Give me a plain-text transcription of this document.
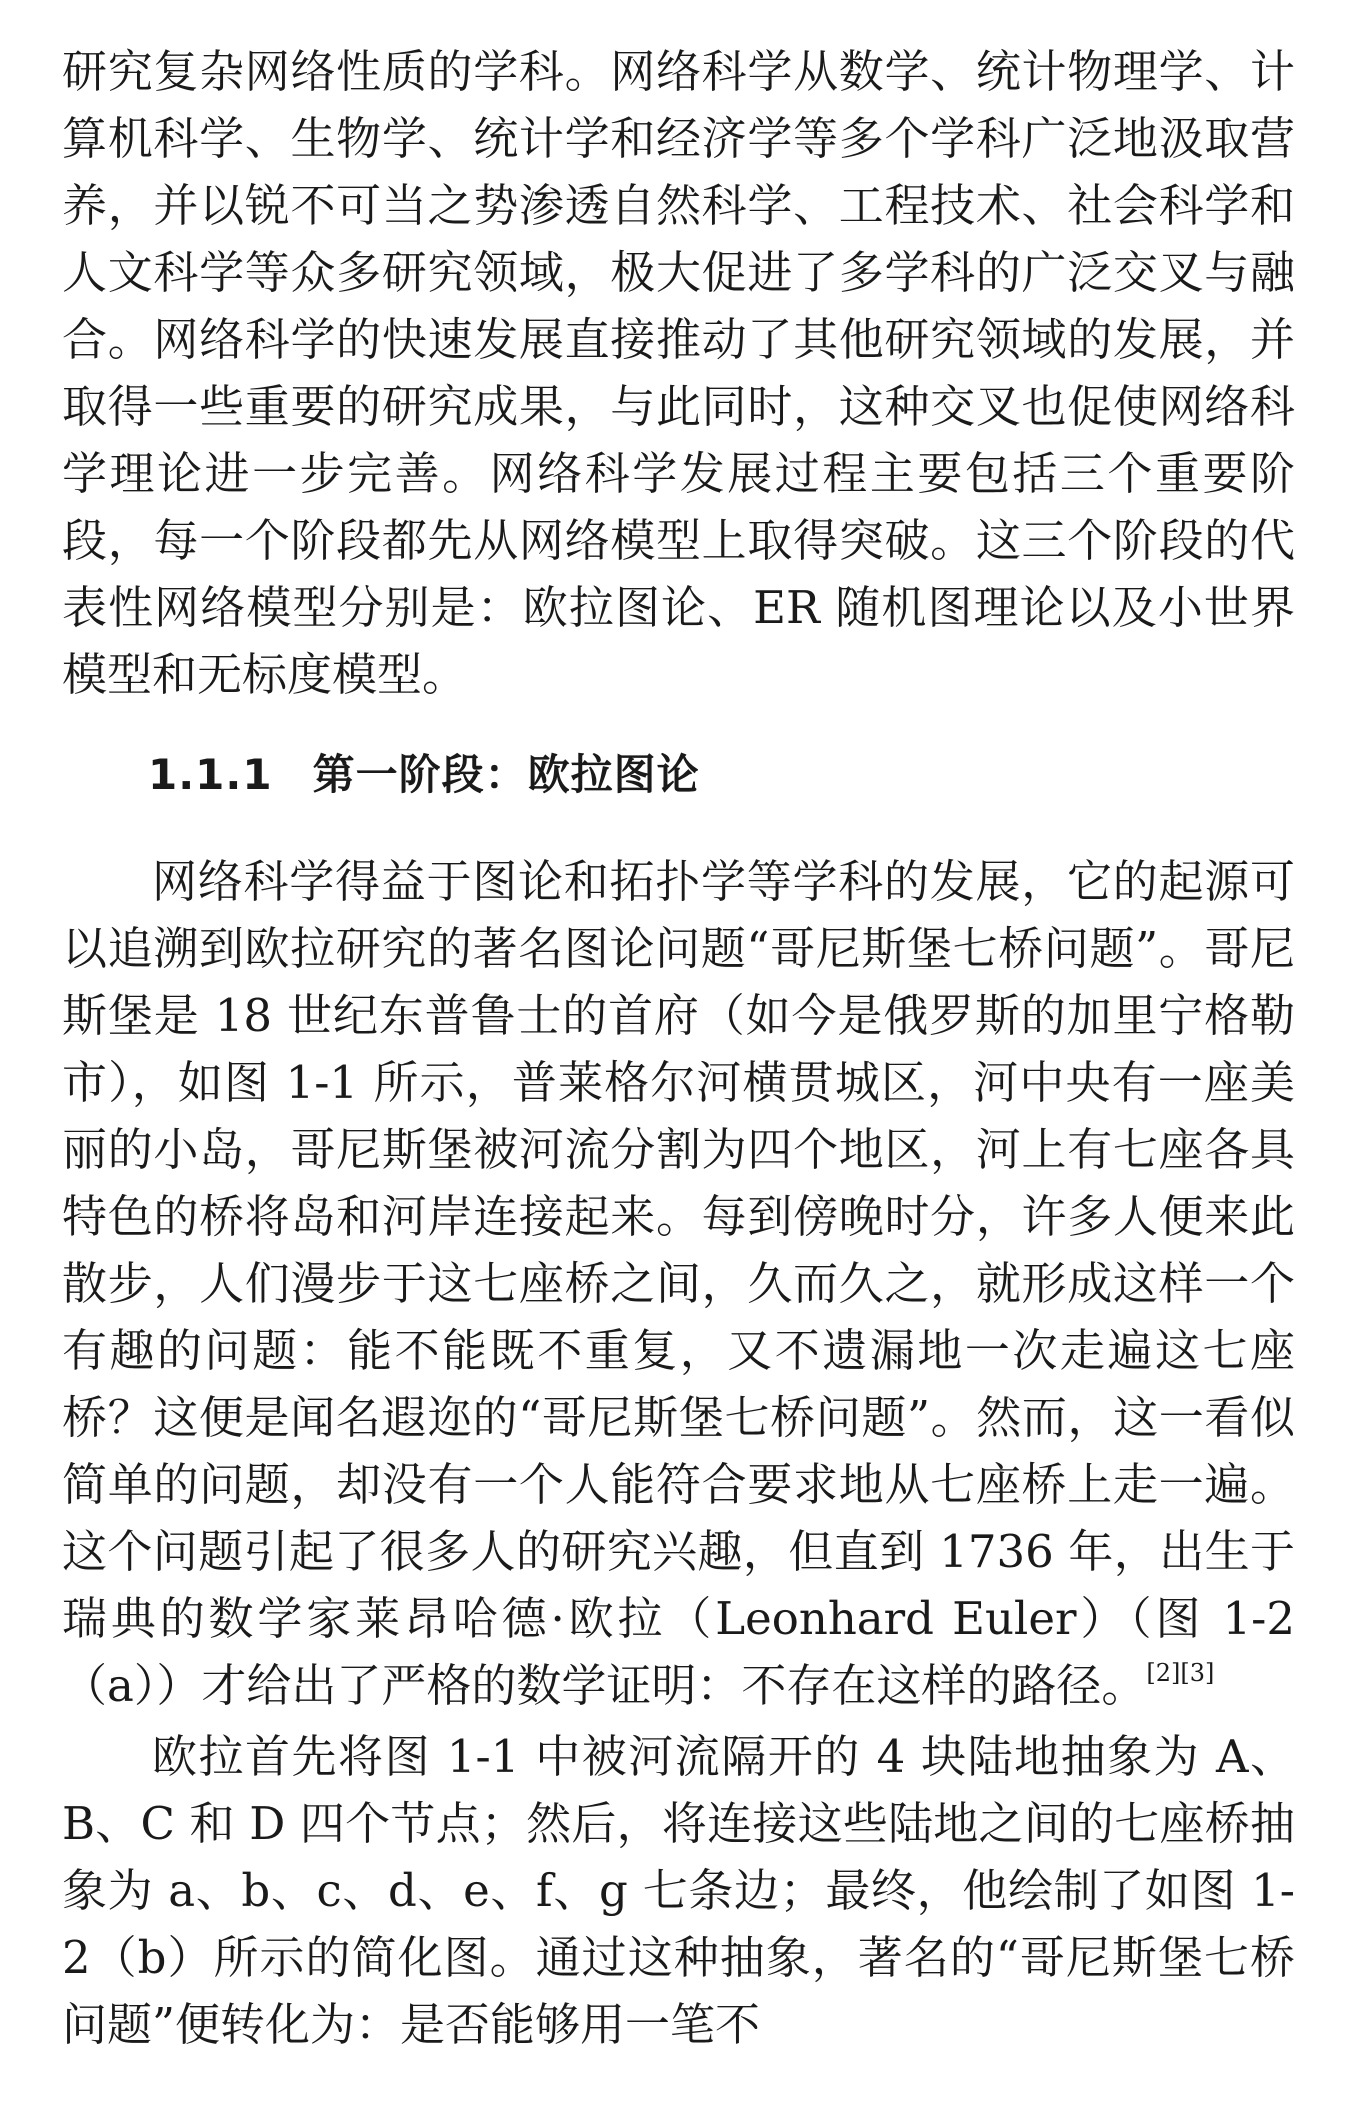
研究复杂网络性质的学科。网络科学从数学、统计物理学、计算机科学、生物学、统计学和经济学等多个学科广泛地汲取营养，并以锐不可当之势渗透自然科学、工程技术、社会科学和人文科学等众多研究领域，极大促进了多学科的广泛交叉与融合。网络科学的快速发展直接推动了其他研究领域的发展，并取得一些重要的研究成果，与此同时，这种交叉也促使网络科学理论进一步完善。网络科学发展过程主要包括三个重要阶段，每一个阶段都先从网络模型上取得突破。这三个阶段的代表性网络模型分别是：欧拉图论、ER 随机图理论以及小世界模型和无标度模型。

1.1.1 第一阶段：欧拉图论

网络科学得益于图论和拓扑学等学科的发展，它的起源可以追溯到欧拉研究的著名图论问题“哥尼斯堡七桥问题”。哥尼斯堡是 18 世纪东普鲁士的首府（如今是俄罗斯的加里宁格勒市），如图 1-1 所示，普莱格尔河横贯城区，河中央有一座美丽的小岛，哥尼斯堡被河流分割为四个地区，河上有七座各具特色的桥将岛和河岸连接起来。每到傍晚时分，许多人便来此散步，人们漫步于这七座桥之间，久而久之，就形成这样一个有趣的问题：能不能既不重复，又不遗漏地一次走遍这七座桥？这便是闻名遐迩的“哥尼斯堡七桥问题”。然而，这一看似简单的问题，却没有一个人能符合要求地从七座桥上走一遍。这个问题引起了很多人的研究兴趣，但直到 1736 年，出生于瑞典的数学家莱昂哈德·欧拉（Leonhard Euler）（图 1-2（a））才给出了严格的数学证明：不存在这样的路径。[2][3]

欧拉首先将图 1-1 中被河流隔开的 4 块陆地抽象为 A、B、C 和 D 四个节点；然后，将连接这些陆地之间的七座桥抽象为 a、b、c、d、e、f、g 七条边；最终，他绘制了如图 1-2（b）所示的简化图。通过这种抽象，著名的“哥尼斯堡七桥问题”便转化为：是否能够用一笔不
